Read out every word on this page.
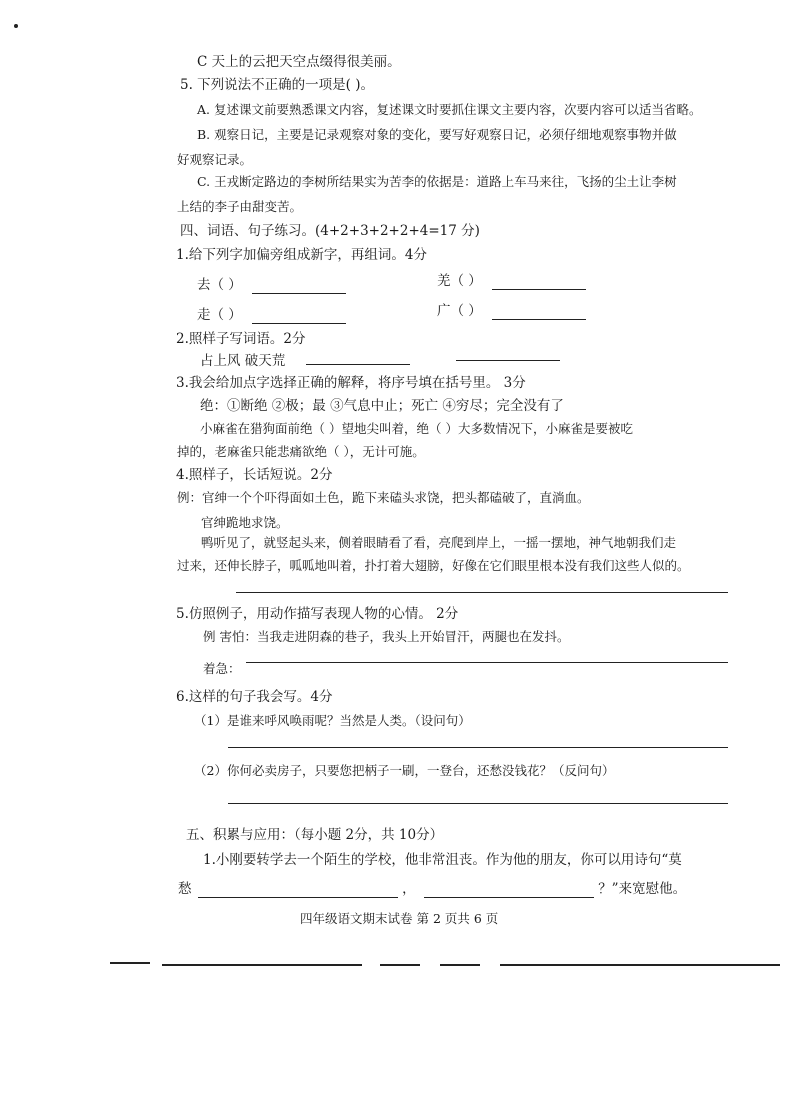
C 天上的云把天空点缀得很美丽。
5. 下列说法不正确的一项是( )。
A. 复述课文前要熟悉课文内容，复述课文时要抓住课文主要内容，次要内容可以适当省略。
B. 观察日记，主要是记录观察对象的变化，要写好观察日记，必须仔细地观察事物并做
好观察记录。
C. 王戎断定路边的李树所结果实为苦李的依据是：道路上车马来往，飞扬的尘土让李树
上结的李子由甜变苦。
四、词语、句子练习。(4+2+3+2+2+4=17 分)
1.给下列字加偏旁组成新字，再组词。4分
去（ ）	羌（ ）
走（ ）	广（ ）
2.照样子写词语。2分
占上风 破天荒
3.我会给加点字选择正确的解释，将序号填在括号里。 3分
绝：①断绝 ②极；最 ③气息中止；死亡 ④穷尽；完全没有了
小麻雀在猎狗面前绝（ ）望地尖叫着，绝（ ）大多数情况下，小麻雀是要被吃
掉的，老麻雀只能悲痛欲绝（ ），无计可施。
4.照样子，长话短说。2分
例：官绅一个个吓得面如土色，跪下来磕头求饶，把头都磕破了，直淌血。
官绅跪地求饶。
鸭听见了，就竖起头来，侧着眼睛看了看，亮爬到岸上，一摇一摆地，神气地朝我们走
过来，还伸长脖子，呱呱地叫着，扑打着大翅膀，好像在它们眼里根本没有我们这些人似的。
5.仿照例子，用动作描写表现人物的心情。 2分
例 害怕：当我走进阴森的巷子，我头上开始冒汗，两腿也在发抖。
着急：
6.这样的句子我会写。4分
（1）是谁来呼风唤雨呢？当然是人类。（设问句）
（2）你何必卖房子，只要您把柄子一刷，一登台，还愁没钱花？（反问句）
五、积累与应用：（每小题 2分，共 10分）
1.小刚要转学去一个陌生的学校，他非常沮丧。作为他的朋友，你可以用诗句“莫
愁	，	？”来宽慰他。
四年级语文期末试卷 第 2 页共 6 页
